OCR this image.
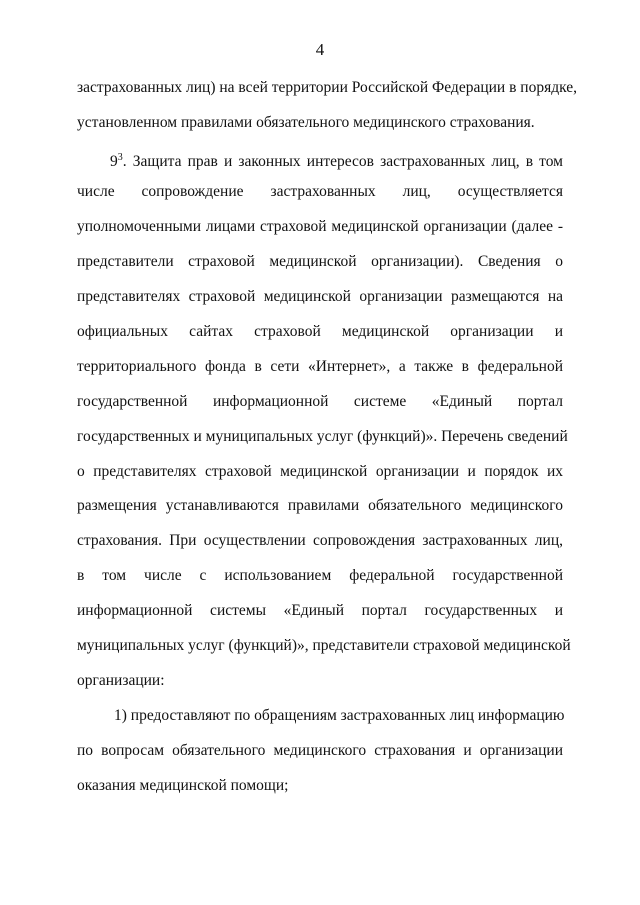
4
застрахованных лиц) на всей территории Российской Федерации в порядке,
установленном правилами обязательного медицинского страхования.
$9^3$. Защита прав и законных интересов застрахованных лиц, в том
числе сопровождение застрахованных лиц, осуществляется
уполномоченными лицами страховой медицинской организации (далее -
представители страховой медицинской организации). Сведения о
представителях страховой медицинской организации размещаются на
официальных сайтах страховой медицинской организации и
территориального фонда в сети «Интернет», а также в федеральной
государственной информационной системе «Единый портал
государственных и муниципальных услуг (функций)». Перечень сведений
о представителях страховой медицинской организации и порядок их
размещения устанавливаются правилами обязательного медицинского
страхования. При осуществлении сопровождения застрахованных лиц,
в том числе с использованием федеральной государственной
информационной системы «Единый портал государственных и
муниципальных услуг (функций)», представители страховой медицинской
организации:
1) предоставляют по обращениям застрахованных лиц информацию
по вопросам обязательного медицинского страхования и организации
оказания медицинской помощи;
